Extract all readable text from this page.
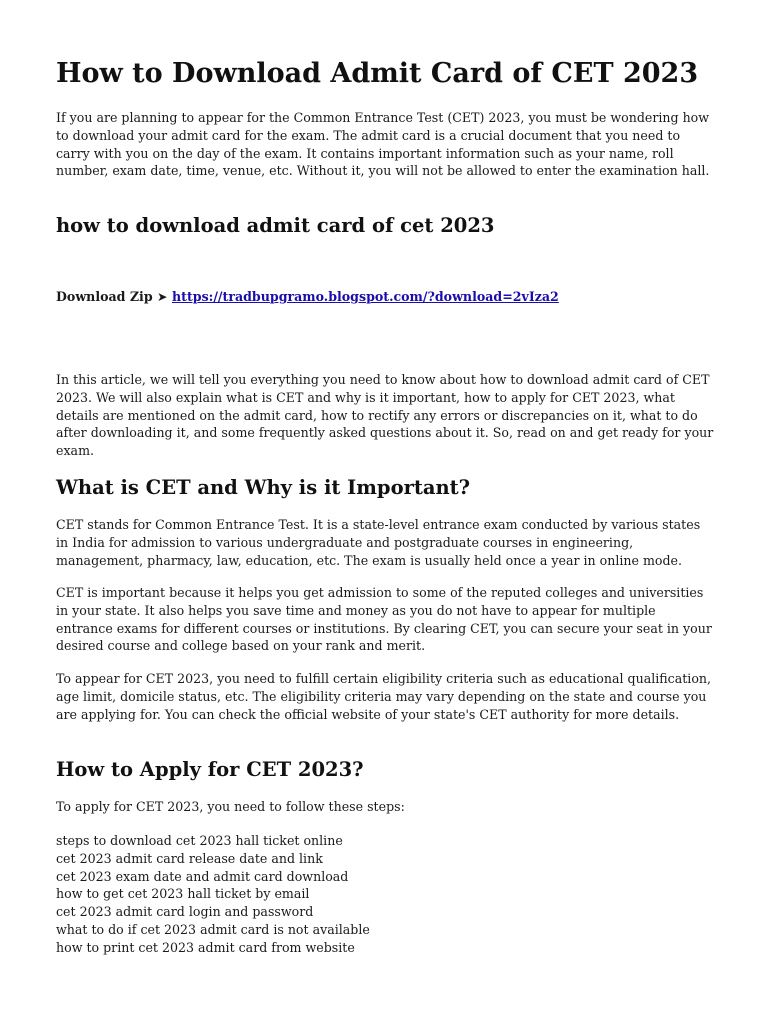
How to Download Admit Card of CET 2023

If you are planning to appear for the Common Entrance Test (CET) 2023, you must be wondering how to download your admit card for the exam. The admit card is a crucial document that you need to carry with you on the day of the exam. It contains important information such as your name, roll number, exam date, time, venue, etc. Without it, you will not be allowed to enter the examination hall.

how to download admit card of cet 2023
Download Zip ➤ https://tradbupgramo.blogspot.com/?download=2vIza2

In this article, we will tell you everything you need to know about how to download admit card of CET 2023. We will also explain what is CET and why is it important, how to apply for CET 2023, what details are mentioned on the admit card, how to rectify any errors or discrepancies on it, what to do after downloading it, and some frequently asked questions about it. So, read on and get ready for your exam.

What is CET and Why is it Important?

CET stands for Common Entrance Test. It is a state-level entrance exam conducted by various states in India for admission to various undergraduate and postgraduate courses in engineering, management, pharmacy, law, education, etc. The exam is usually held once a year in online mode.

CET is important because it helps you get admission to some of the reputed colleges and universities in your state. It also helps you save time and money as you do not have to appear for multiple entrance exams for different courses or institutions. By clearing CET, you can secure your seat in your desired course and college based on your rank and merit.

To appear for CET 2023, you need to fulfill certain eligibility criteria such as educational qualification, age limit, domicile status, etc. The eligibility criteria may vary depending on the state and course you are applying for. You can check the official website of your state's CET authority for more details.

How to Apply for CET 2023?

To apply for CET 2023, you need to follow these steps:

steps to download cet 2023 hall ticket online
cet 2023 admit card release date and link
cet 2023 exam date and admit card download
how to get cet 2023 hall ticket by email
cet 2023 admit card login and password
what to do if cet 2023 admit card is not available
how to print cet 2023 admit card from website
